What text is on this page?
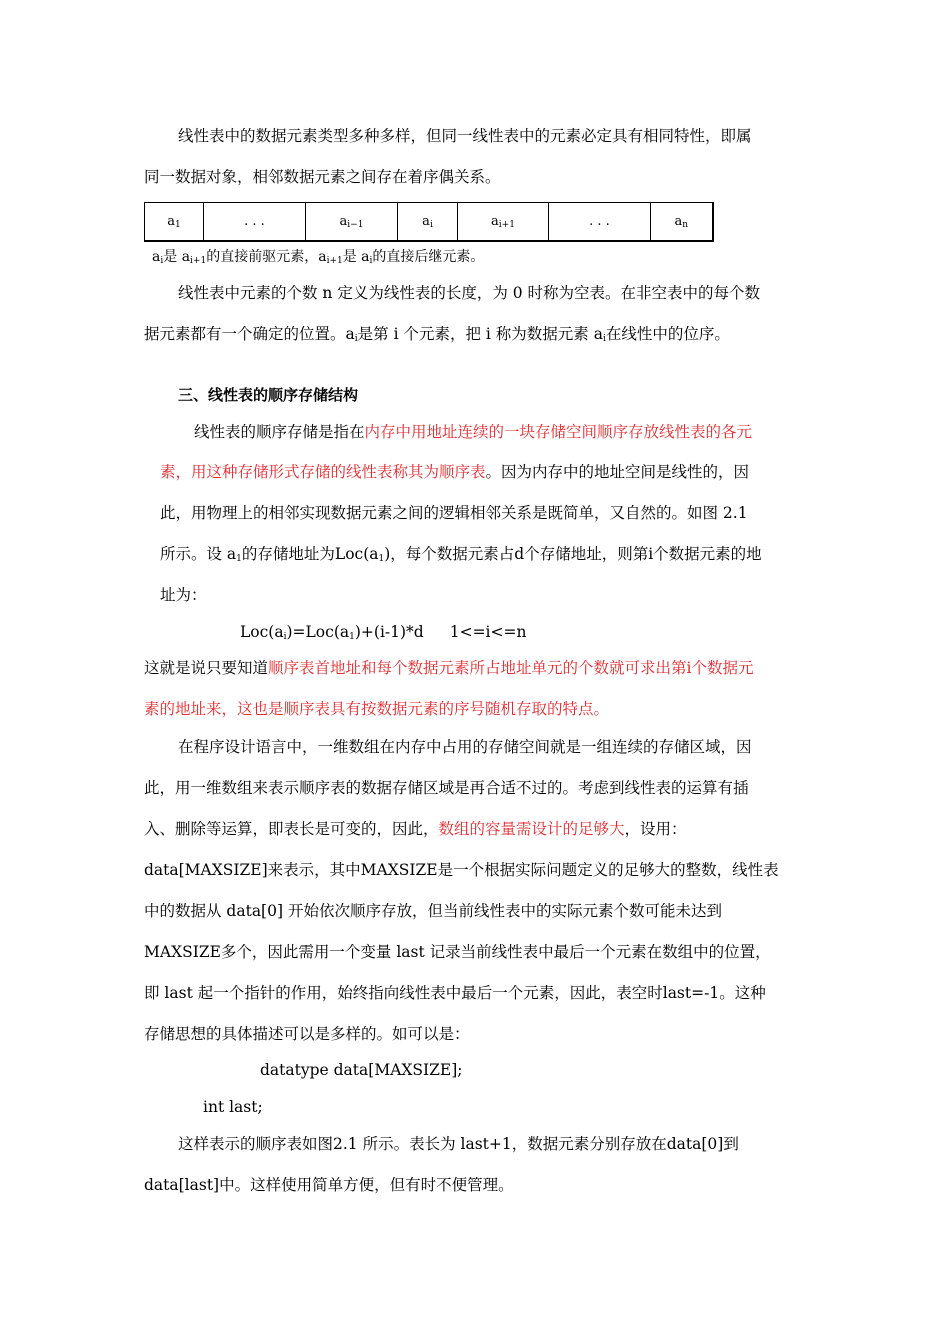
线性表中的数据元素类型多种多样，但同一线性表中的元素必定具有相同特性，即属
同一数据对象，相邻数据元素之间存在着序偶关系。
$a_1$	. . .	$a_{i-1}$	$a_i$	$a_{i+1}$	. . .	$a_n$
$a_i$是 $a_{i+1}$的直接前驱元素，$a_{i+1}$是 $a_i$的直接后继元素。
线性表中元素的个数 n 定义为线性表的长度，为 0 时称为空表。在非空表中的每个数
据元素都有一个确定的位置。$a_i$是第 i 个元素，把 i 称为数据元素 $a_i$在线性中的位序。
三、线性表的顺序存储结构
线性表的顺序存储是指在内存中用地址连续的一块存储空间顺序存放线性表的各元
素，用这种存储形式存储的线性表称其为顺序表。因为内存中的地址空间是线性的，因
此，用物理上的相邻实现数据元素之间的逻辑相邻关系是既简单，又自然的。如图 2.1
所示。设 $a_1$的存储地址为$Loc(a_1)$，每个数据元素占d个存储地址，则第i个数据元素的地
址为：
$Loc(a_i)=Loc(a_1)+(i-1)*d$ 1<=i<=n
这就是说只要知道顺序表首地址和每个数据元素所占地址单元的个数就可求出第i个数据元
素的地址来，这也是顺序表具有按数据元素的序号随机存取的特点。
在程序设计语言中，一维数组在内存中占用的存储空间就是一组连续的存储区域，因
此，用一维数组来表示顺序表的数据存储区域是再合适不过的。考虑到线性表的运算有插
入、删除等运算，即表长是可变的，因此，数组的容量需设计的足够大，设用：
data[MAXSIZE]来表示，其中MAXSIZE是一个根据实际问题定义的足够大的整数，线性表
中的数据从 data[0] 开始依次顺序存放，但当前线性表中的实际元素个数可能未达到
MAXSIZE多个，因此需用一个变量 last 记录当前线性表中最后一个元素在数组中的位置，
即 last 起一个指针的作用，始终指向线性表中最后一个元素，因此，表空时last=-1。这种
存储思想的具体描述可以是多样的。如可以是：
datatype data[MAXSIZE];
int last;
这样表示的顺序表如图2.1 所示。表长为 last+1，数据元素分别存放在data[0]到
data[last]中。这样使用简单方便，但有时不便管理。
